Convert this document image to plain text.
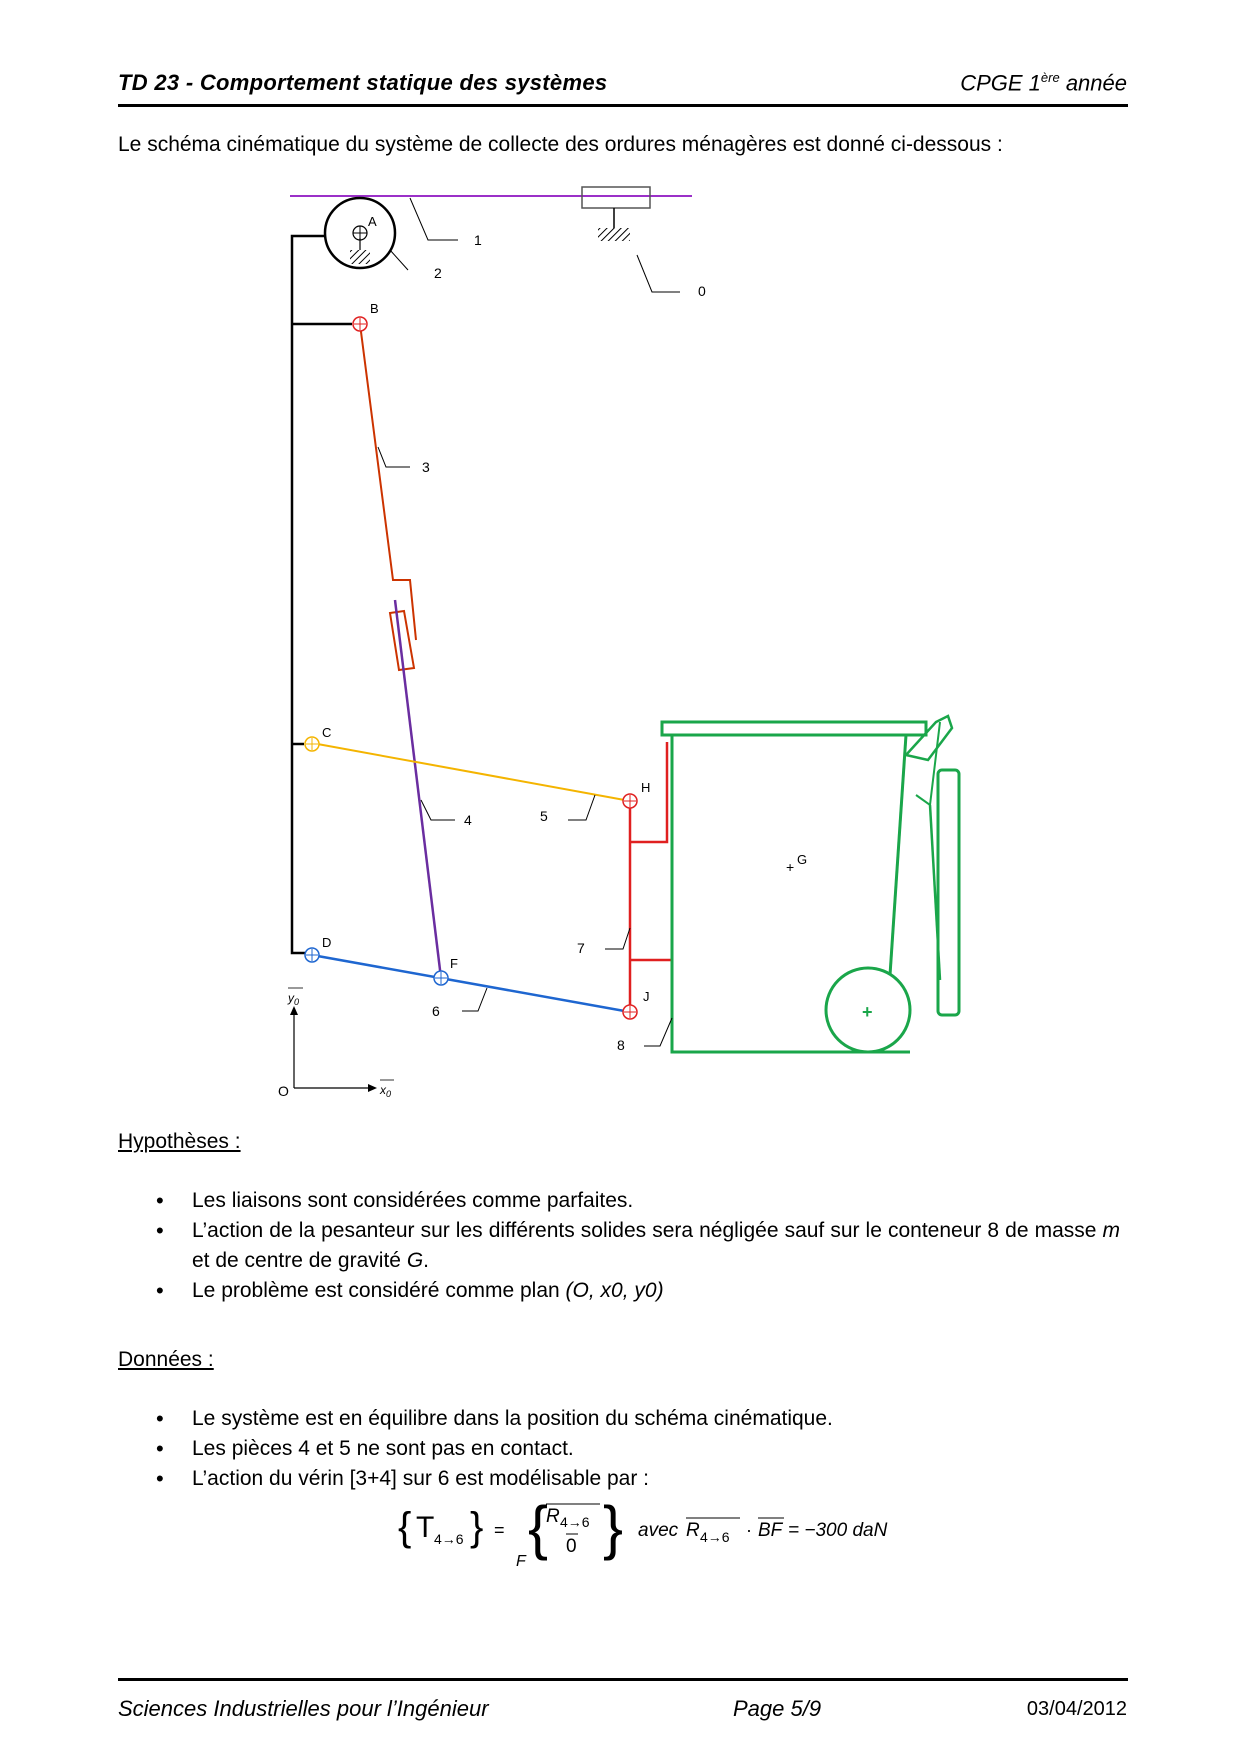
TD 23 - Comportement statique des systèmes	CPGE 1ère année
Le schéma cinématique du système de collecte des ordures ménagères est donné ci-dessous :
+
+
A
B
C
D
F
G
H
J
O
0
1
2
3
4	5
6
7
8
$y_0$
$x_0$
Hypothèses :
• Les liaisons sont considérées comme parfaites.
• L’action de la pesanteur sur les différents solides sera négligée sauf sur le conteneur 8 de masse m et de centre de gravité G.
• Le problème est considéré comme plan (O, x0, y0)
Données :
• Le système est en équilibre dans la position du schéma cinématique.
• Les pièces 4 et 5 ne sont pas en contact.
• L’action du vérin [3+4] sur 6 est modélisable par :
{ T 4→6 } =
F
{
R 4→6
0 } avec R 4→6 · BF = −300 daN
Sciences Industrielles pour l’Ingénieur	Page 5/9	03/04/2012
